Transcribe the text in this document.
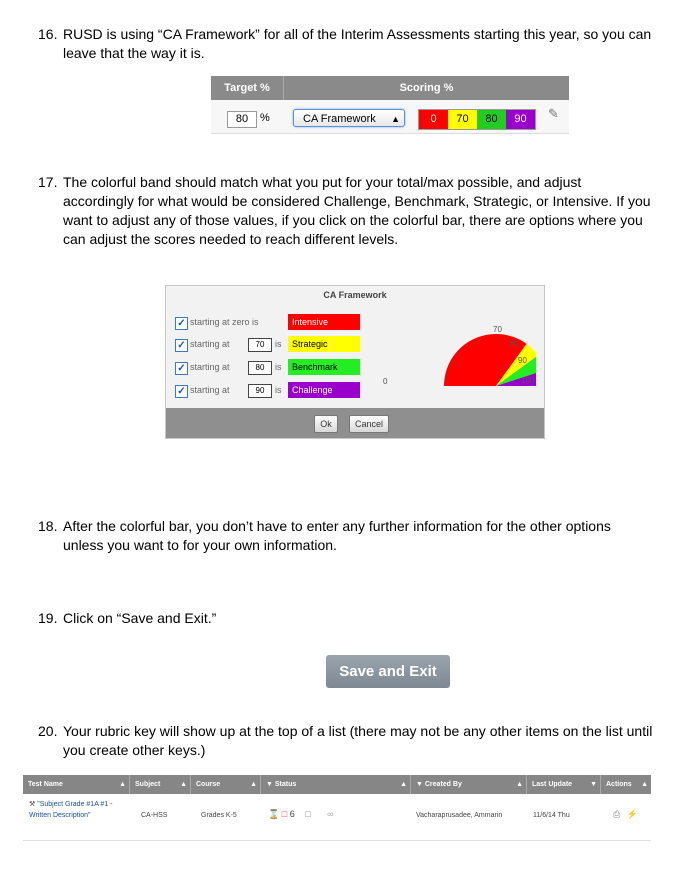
16. RUSD is using “CA Framework” for all of the Interim Assessments starting this year, so you can leave that the way it is.
Target %	Scoring %
80	%	CA Framework ▲	0	70	80	90	✎
17. The colorful band should match what you put for your total/max possible, and adjust accordingly for what would be considered Challenge, Benchmark, Strategic, or Intensive. If you want to adjust any of those values, if you click on the colorful bar, there are options where you can adjust the scores needed to reach different levels.
CA Framework
✓ starting at zero is	Intensive
✓ starting at	70	is	Strategic
✓ starting at	80	is	Benchmark
✓ starting at	90	is	Challenge
0
70
80
90
100
Ok	Cancel
18. After the colorful bar, you don’t have to enter any further information for the other options unless you want to for your own information.
19. Click on “Save and Exit.”
Save and Exit
20. Your rubric key will show up at the top of a list (there may not be any other items on the list until you create other keys.)
Test Name	▲	Subject	▲	Course	▲	▼ Status	▲	▼ Created By	▲	Last Update	▼	Actions ▲
⚒ "Subject Grade #1A #1 - Written Description"	CA-HSS	Grades K-5	⌛ □ 6 □ ∞	Vacharaprusadee, Ammarin	11/6/14 Thu	⎙ ⚡
